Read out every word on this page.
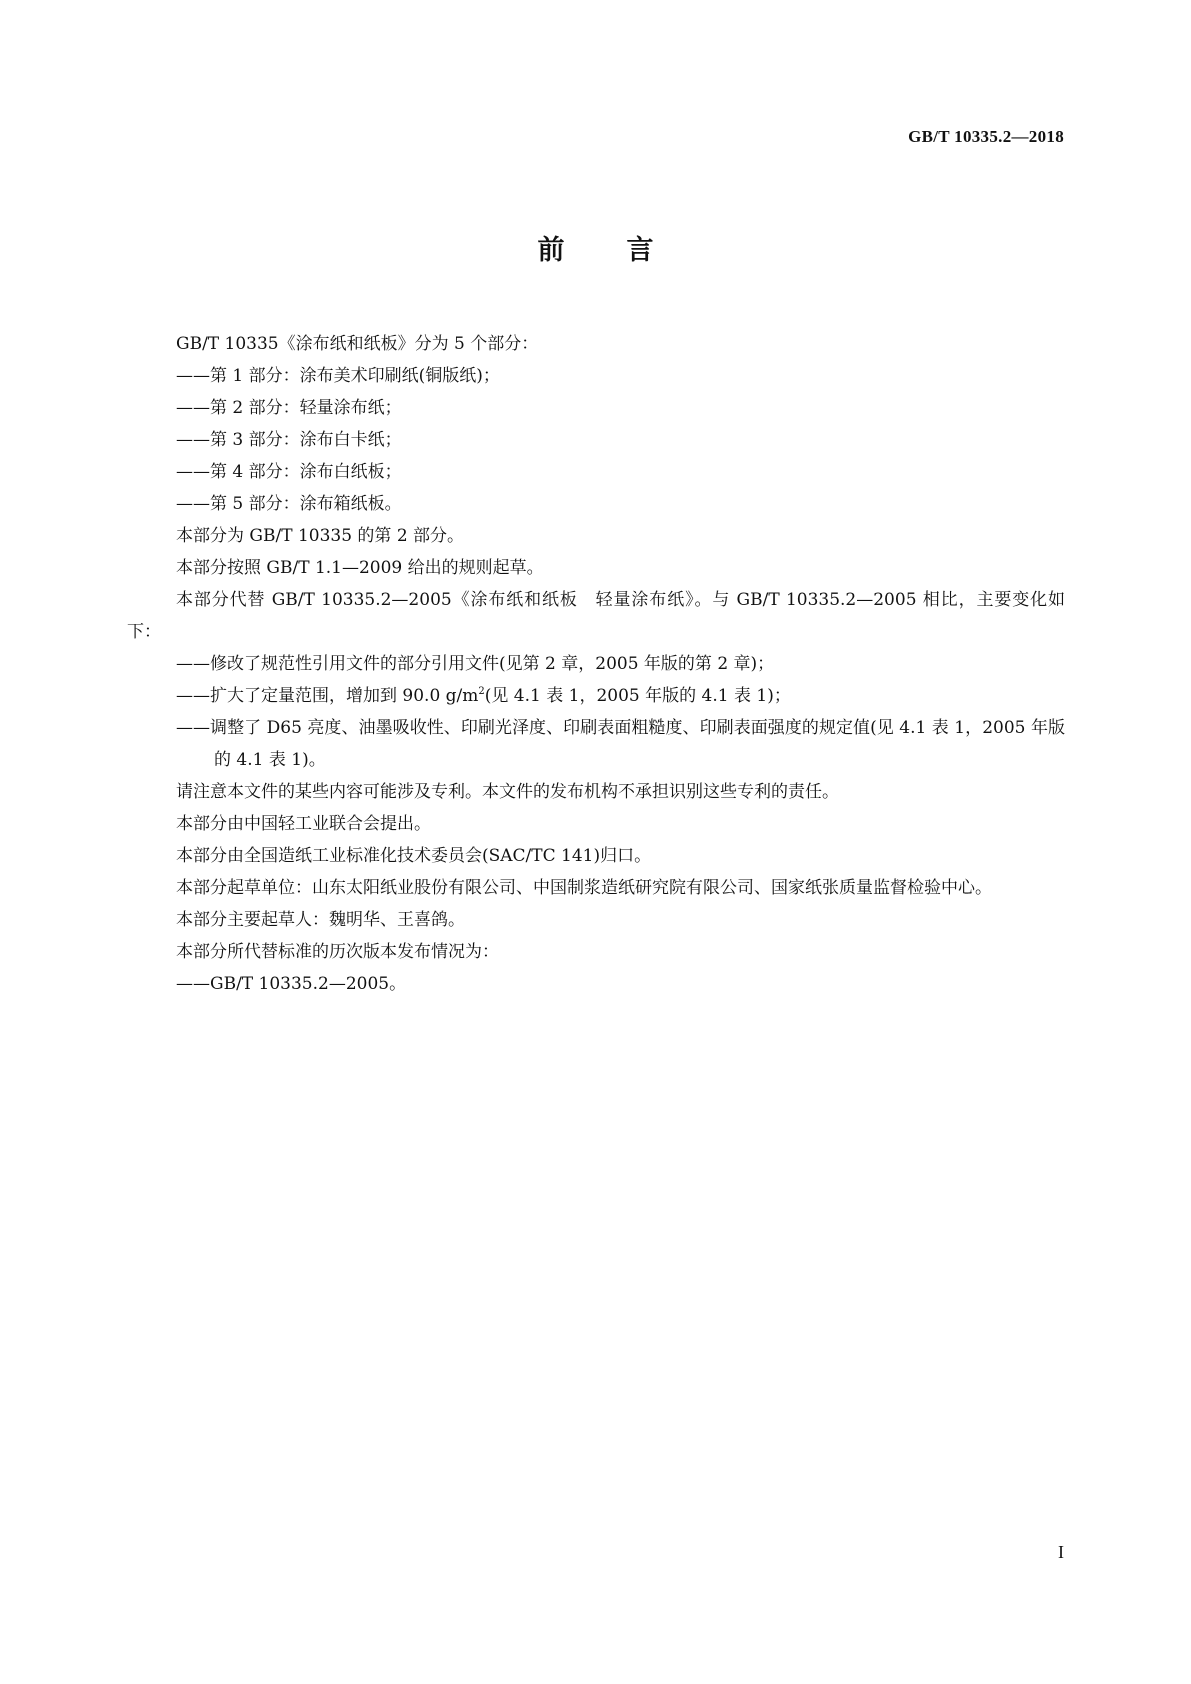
GB/T 10335.2—2018
前言

GB/T 10335《涂布纸和纸板》分为 5 个部分：

——第 1 部分：涂布美术印刷纸(铜版纸)；

——第 2 部分：轻量涂布纸；

——第 3 部分：涂布白卡纸；

——第 4 部分：涂布白纸板；

——第 5 部分：涂布箱纸板。

本部分为 GB/T 10335 的第 2 部分。

本部分按照 GB/T 1.1—2009 给出的规则起草。

本部分代替 GB/T 10335.2—2005《涂布纸和纸板　轻量涂布纸》。与 GB/T 10335.2—2005 相比，主要变化如下：

——修改了规范性引用文件的部分引用文件(见第 2 章，2005 年版的第 2 章)；

——扩大了定量范围，增加到 90.0 $g/m^2$(见 4.1 表 1，2005 年版的 4.1 表 1)；

——调整了 D65 亮度、油墨吸收性、印刷光泽度、印刷表面粗糙度、印刷表面强度的规定值(见 4.1 表 1，2005 年版的 4.1 表 1)。

请注意本文件的某些内容可能涉及专利。本文件的发布机构不承担识别这些专利的责任。

本部分由中国轻工业联合会提出。

本部分由全国造纸工业标准化技术委员会(SAC/TC 141)归口。

本部分起草单位：山东太阳纸业股份有限公司、中国制浆造纸研究院有限公司、国家纸张质量监督检验中心。

本部分主要起草人：魏明华、王喜鸽。

本部分所代替标准的历次版本发布情况为：

——GB/T 10335.2—2005。

I
